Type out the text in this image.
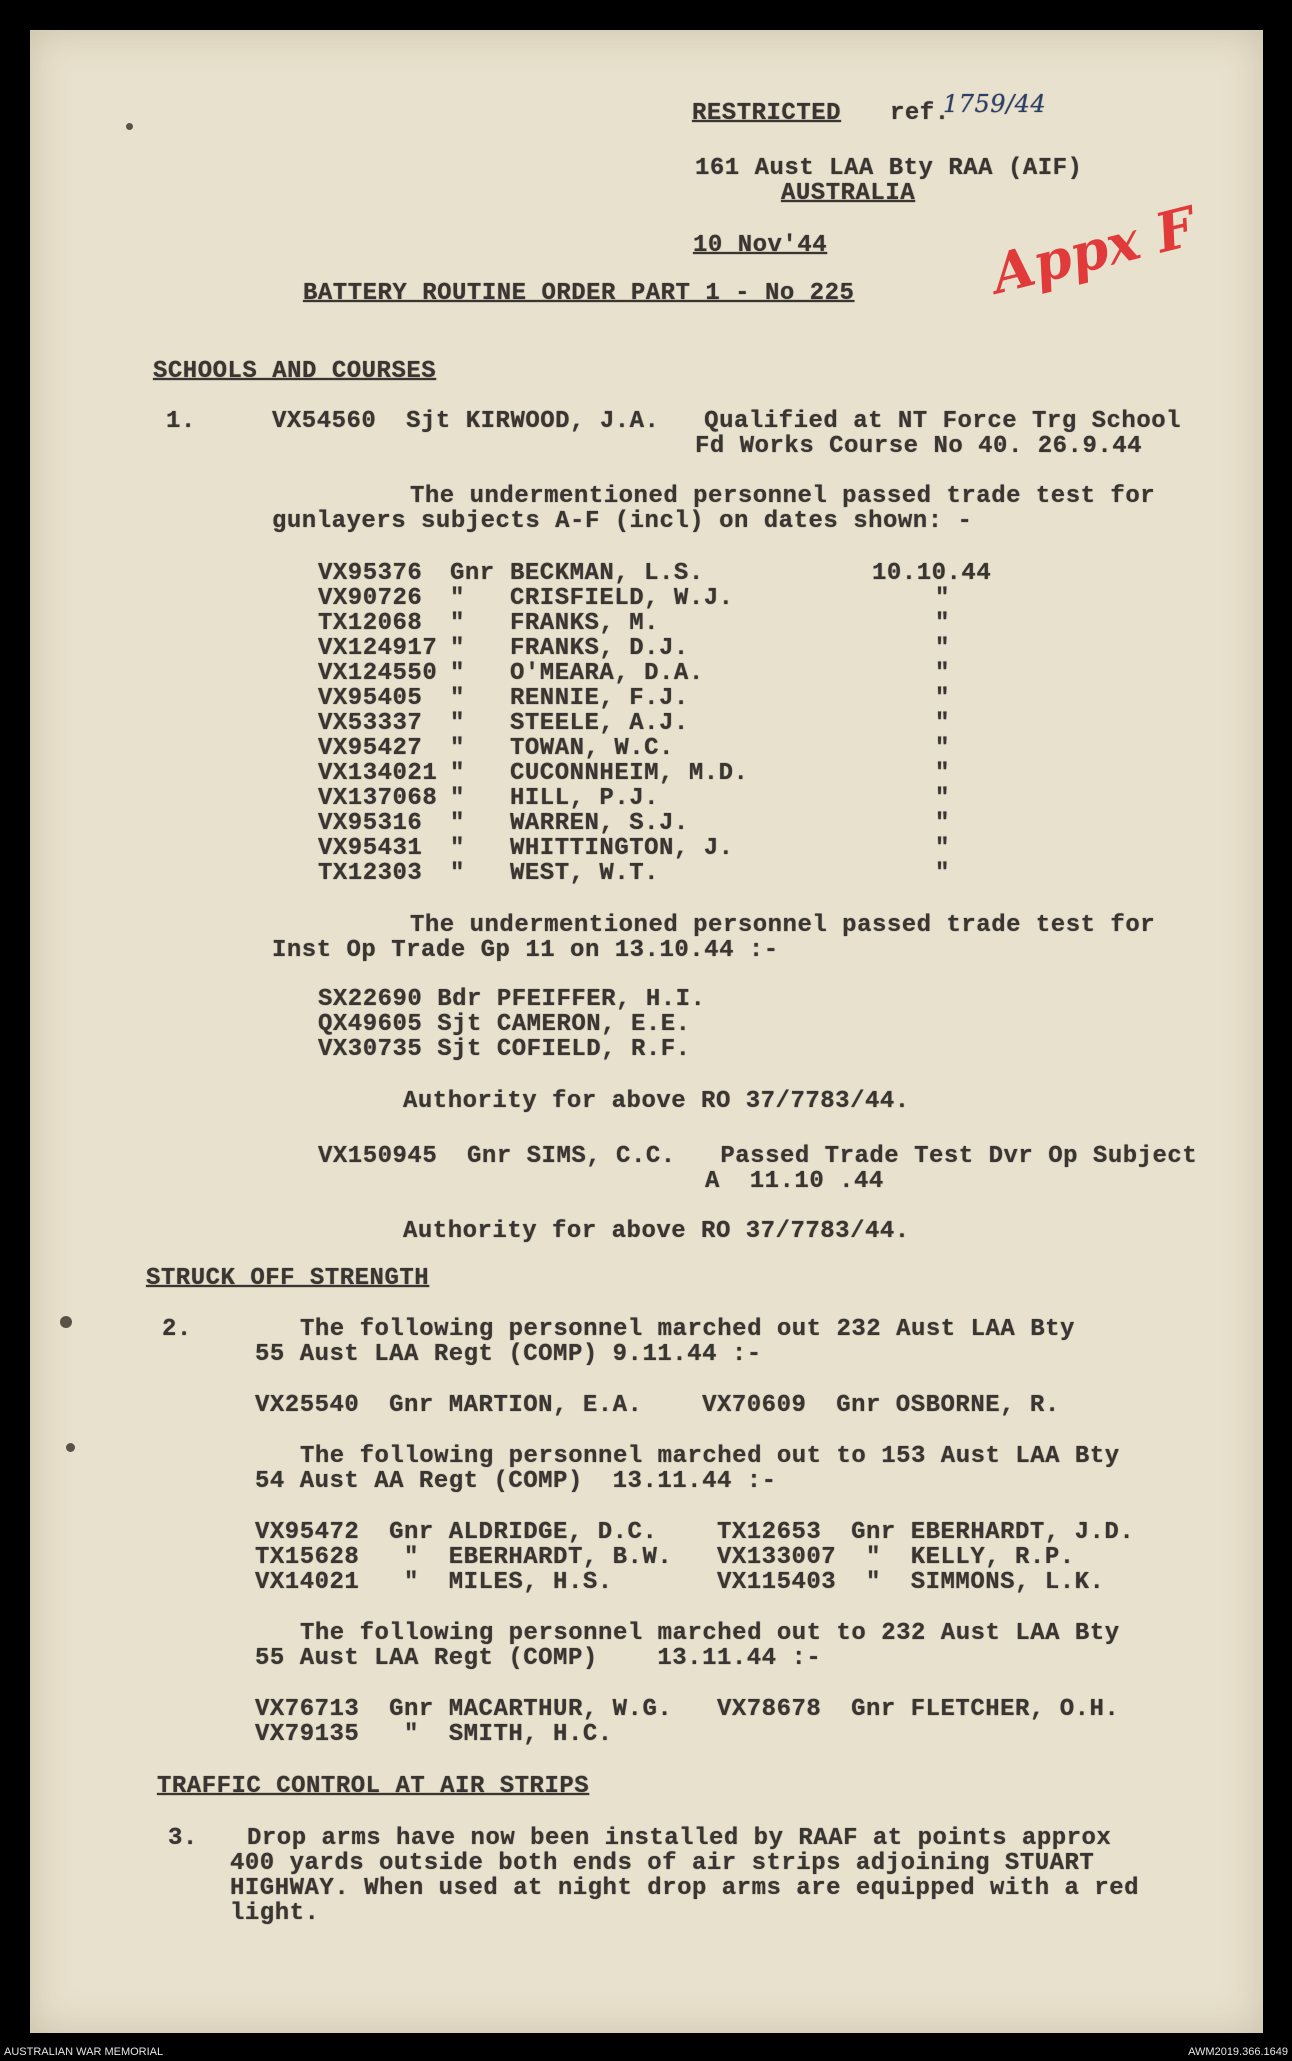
RESTRICTED ref.
1759/44
161 Aust LAA Bty RAA (AIF)
AUSTRALIA
10 Nov'44
BATTERY ROUTINE ORDER PART 1 - No 225 Appx F
SCHOOLS AND COURSES
1.	VX54560  Sjt KIRWOOD, J.A.   Qualified at NT Force Trg School
Fd Works Course No 40. 26.9.44
The undermentioned personnel passed trade test for
gunlayers subjects A-F (incl) on dates shown: -
VX95376 Gnr BECKMAN, L.S.	10.10.44
VX90726 " CRISFIELD, W.J.	"
TX12068 " FRANKS, M.	"
VX124917 " FRANKS, D.J.	"
VX124550 " O'MEARA, D.A.	"
VX95405 " RENNIE, F.J.	"
VX53337 " STEELE, A.J.	"
VX95427 " TOWAN, W.C.	"
VX134021 " CUCONNHEIM, M.D.	"
VX137068 " HILL, P.J.	"
VX95316 " WARREN, S.J.	"
VX95431 " WHITTINGTON, J.	"
TX12303 " WEST, W.T.	"
The undermentioned personnel passed trade test for
Inst Op Trade Gp 11 on 13.10.44 :-
SX22690 Bdr PFEIFFER, H.I.
QX49605 Sjt CAMERON, E.E.
VX30735 Sjt COFIELD, R.F.
Authority for above RO 37/7783/44.
VX150945  Gnr SIMS, C.C.   Passed Trade Test Dvr Op Subject
A  11.10 .44
Authority for above RO 37/7783/44.
STRUCK OFF STRENGTH
2.	The following personnel marched out 232 Aust LAA Bty
55 Aust LAA Regt (COMP) 9.11.44 :-
VX25540  Gnr MARTION, E.A.    VX70609  Gnr OSBORNE, R.
The following personnel marched out to 153 Aust LAA Bty
54 Aust AA Regt (COMP)  13.11.44 :-
VX95472  Gnr ALDRIDGE, D.C.    TX12653  Gnr EBERHARDT, J.D.
TX15628   "  EBERHARDT, B.W.   VX133007  "  KELLY, R.P.
VX14021   "  MILES, H.S.       VX115403  "  SIMMONS, L.K.
The following personnel marched out to 232 Aust LAA Bty
55 Aust LAA Regt (COMP)    13.11.44 :-
VX76713  Gnr MACARTHUR, W.G.   VX78678  Gnr FLETCHER, O.H.
VX79135   "  SMITH, H.C.
TRAFFIC CONTROL AT AIR STRIPS
3. Drop arms have now been installed by RAAF at points approx
400 yards outside both ends of air strips adjoining STUART
HIGHWAY. When used at night drop arms are equipped with a red
light.
AUSTRALIAN WAR MEMORIAL	AWM2019.366.1649
